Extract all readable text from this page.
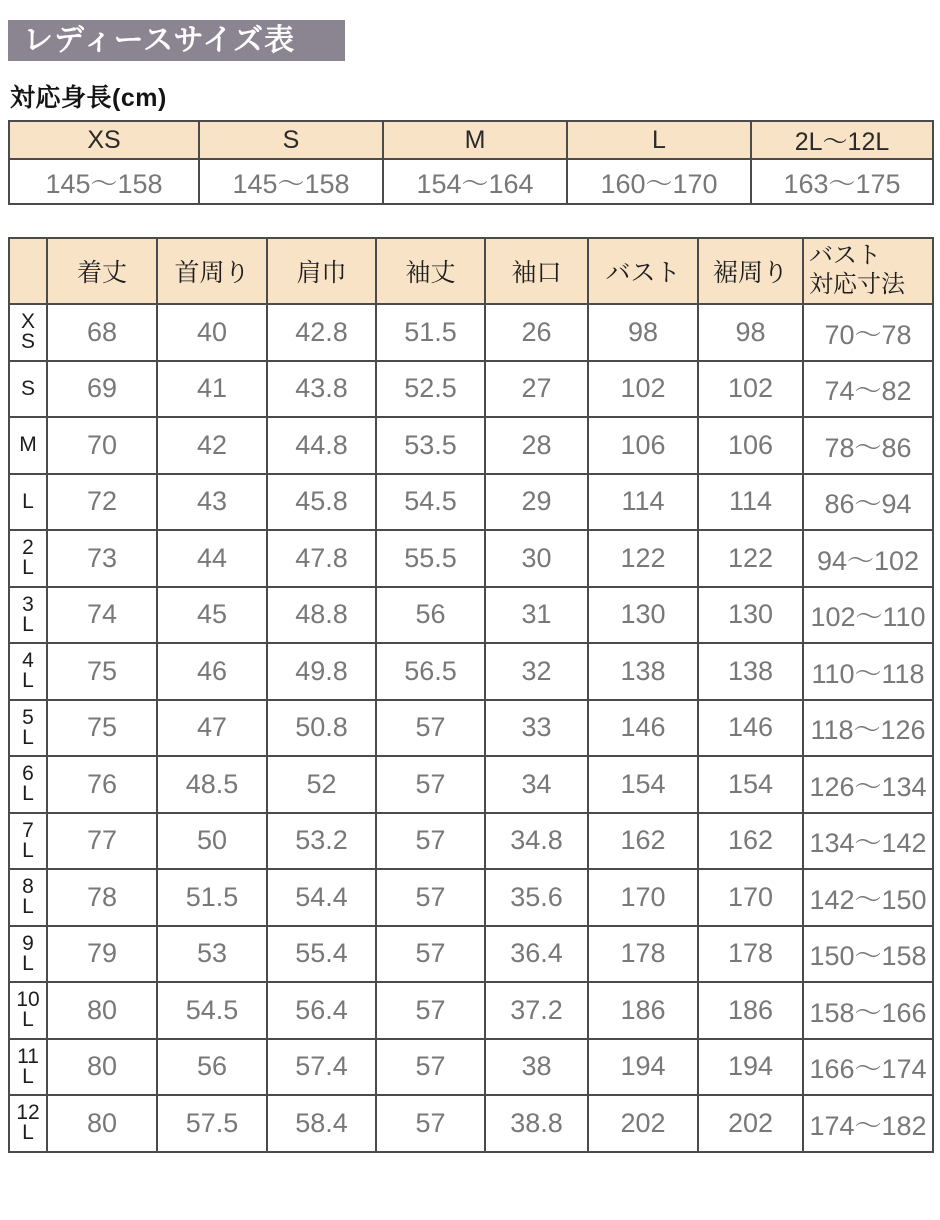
レディースサイズ表
対応身長(cm)
XS	S	M	L	2L〜12L
145〜158	145〜158	154〜164	160〜170	163〜175
	着丈	首周り	肩巾	袖丈	袖口	バスト	裾周り	バスト
対応寸法
X
S	68	40	42.8	51.5	26	98	98	70〜78
S	69	41	43.8	52.5	27	102	102	74〜82
M	70	42	44.8	53.5	28	106	106	78〜86
L	72	43	45.8	54.5	29	114	114	86〜94
2
L	73	44	47.8	55.5	30	122	122	94〜102
3
L	74	45	48.8	56	31	130	130	102〜110
4
L	75	46	49.8	56.5	32	138	138	110〜118
5
L	75	47	50.8	57	33	146	146	118〜126
6
L	76	48.5	52	57	34	154	154	126〜134
7
L	77	50	53.2	57	34.8	162	162	134〜142
8
L	78	51.5	54.4	57	35.6	170	170	142〜150
9
L	79	53	55.4	57	36.4	178	178	150〜158
10
L	80	54.5	56.4	57	37.2	186	186	158〜166
11
L	80	56	57.4	57	38	194	194	166〜174
12
L	80	57.5	58.4	57	38.8	202	202	174〜182
